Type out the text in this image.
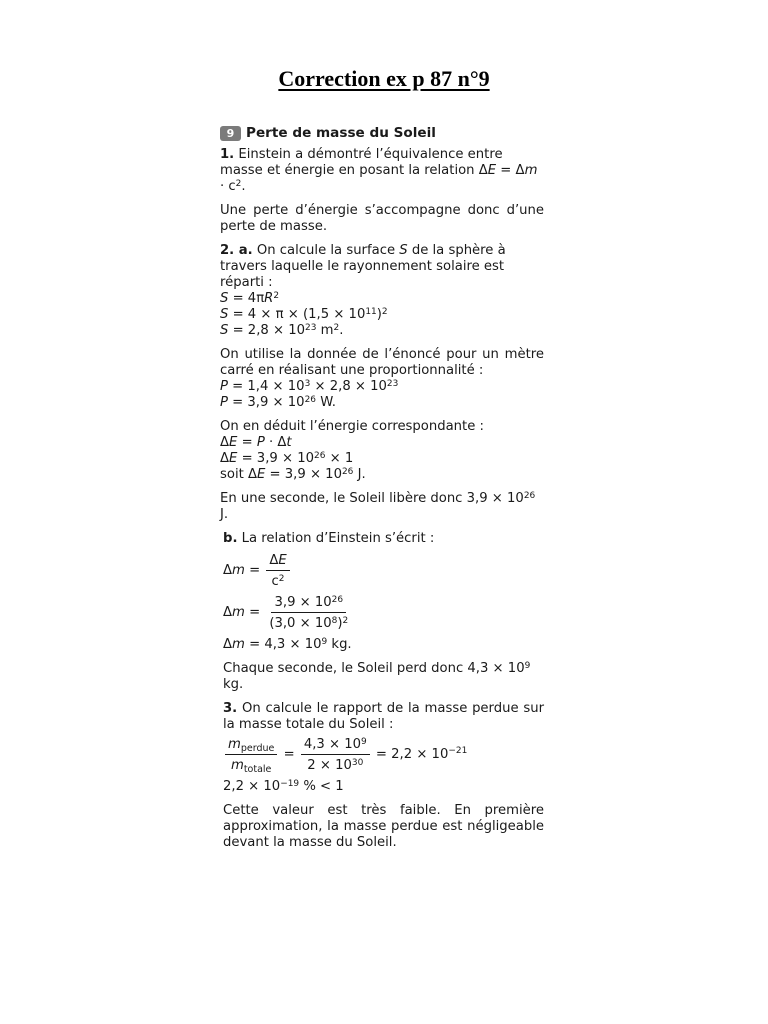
Correction ex p 87 n°9
9 Perte de masse du Soleil
1. Einstein a démontré l’équivalence entre masse et énergie en posant la relation $\Delta E = \Delta m \cdot c^2$.
Une perte d’énergie s’accompagne donc d’une perte de masse.
2. a. On calcule la surface S de la sphère à travers laquelle le rayonnement solaire est réparti :
$S = 4\pi R^2$
$S = 4 \times \pi \times (1,5 \times 10^{11})^2$
$S = 2,8 \times 10^{23}$ $m^2$.
On utilise la donnée de l’énoncé pour un mètre carré en réalisant une proportionnalité :
$P = 1,4 \times 10^3 \times 2,8 \times 10^{23}$
$P = 3,9 \times 10^{26}$ W.
On en déduit l’énergie correspondante :
ΔE = P · Δt
$\Delta E = 3,9 \times 10^{26} \times 1$
soit $\Delta E = 3,9 \times 10^{26}$ J.
En une seconde, le Soleil libère donc $3,9 \times 10^{26}$ J.
b. La relation d’Einstein s’écrit :
Δ $m = \frac{\Delta E}{c^2}$
Δ $m = \frac{3,9 \times 10^{26}}{(3,0 \times 10^8)^2}$
$\Delta m = 4,3 \times 10^9$ kg.
Chaque seconde, le Soleil perd donc $4,3 \times 10^9$ kg.
3. On calcule le rapport de la masse perdue sur la masse totale du Soleil :
$\frac{m_{perdue}}{m_{totale}} = \frac{4,3 \times 10^9}{2 \times 10^{30}} = 2,2 \times 10^{-21}$
$2,2 \times 10^{-19}$ % < 1
Cette valeur est très faible. En première approximation, la masse perdue est négligeable devant la masse du Soleil.
